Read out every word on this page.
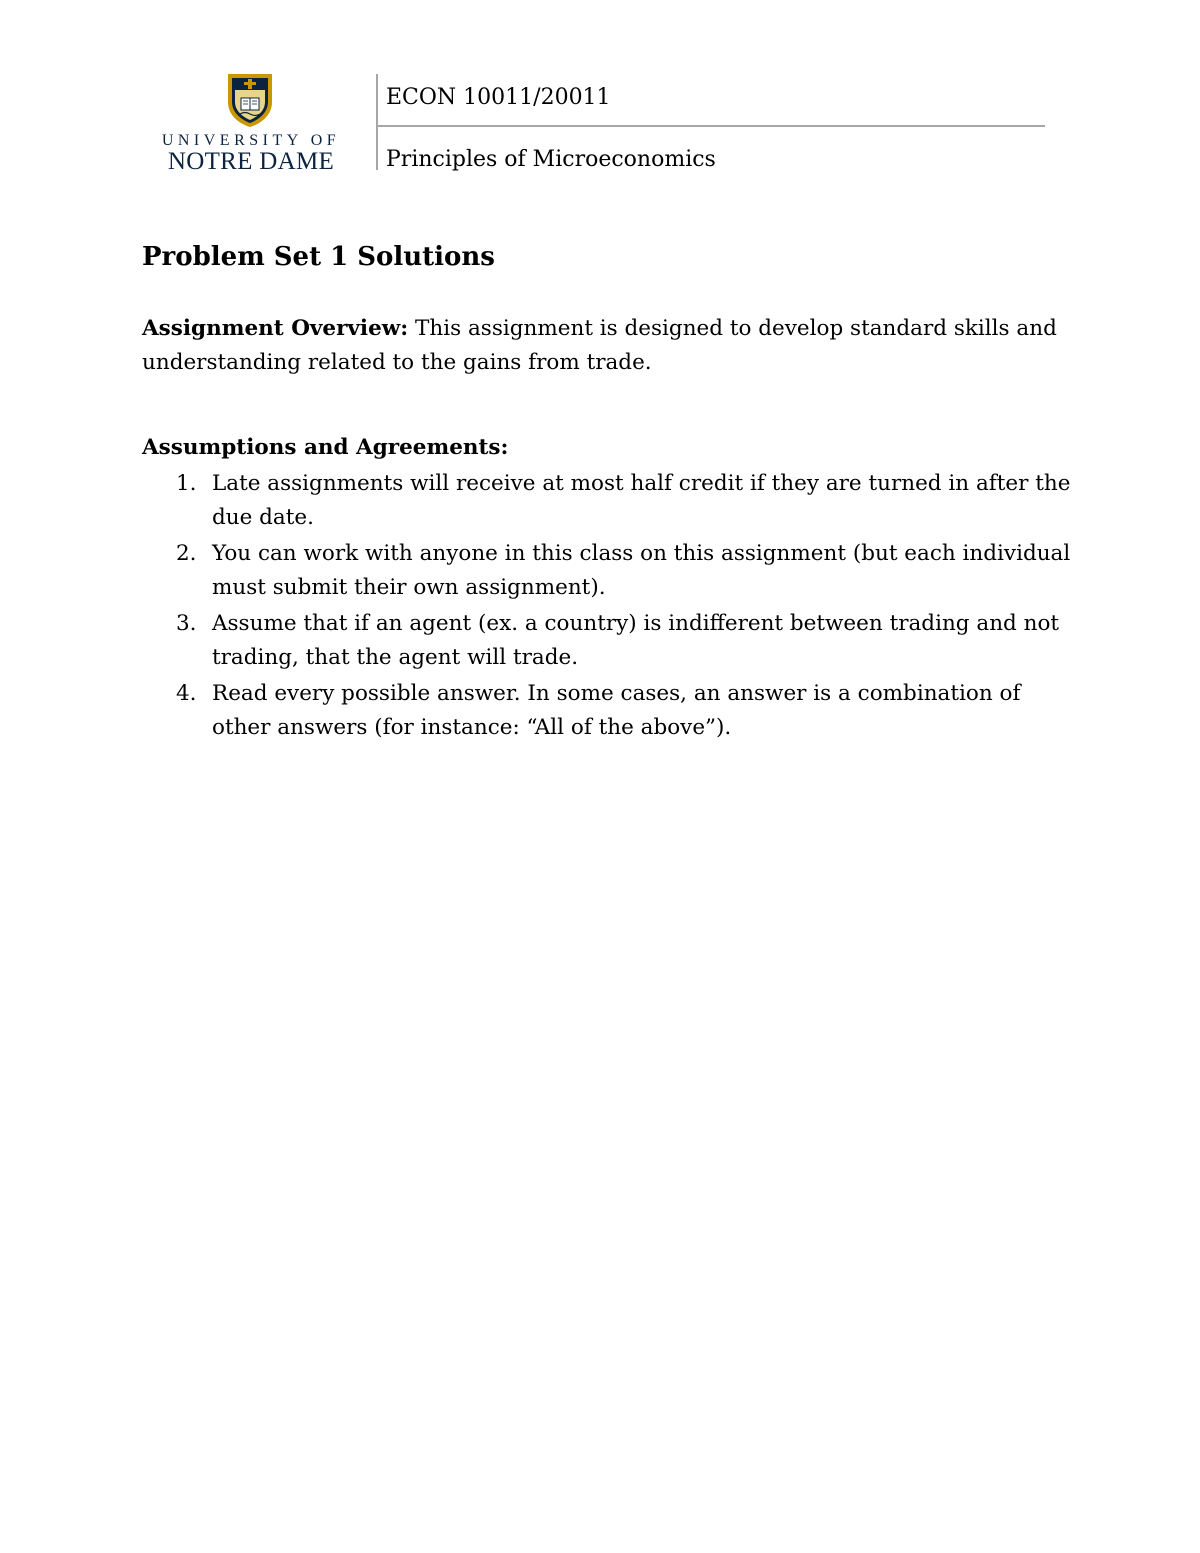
UNIVERSITY OF
NOTRE DAME
ECON 10011/20011
Principles of Microeconomics
Problem Set 1 Solutions
Assignment Overview: This assignment is designed to develop standard skills and understanding related to the gains from trade.
Assumptions and Agreements:
1. Late assignments will receive at most half credit if they are turned in after the due date.
2. You can work with anyone in this class on this assignment (but each individual must submit their own assignment).
3. Assume that if an agent (ex. a country) is indifferent between trading and not trading, that the agent will trade.
4. Read every possible answer. In some cases, an answer is a combination of other answers (for instance: “All of the above”).
